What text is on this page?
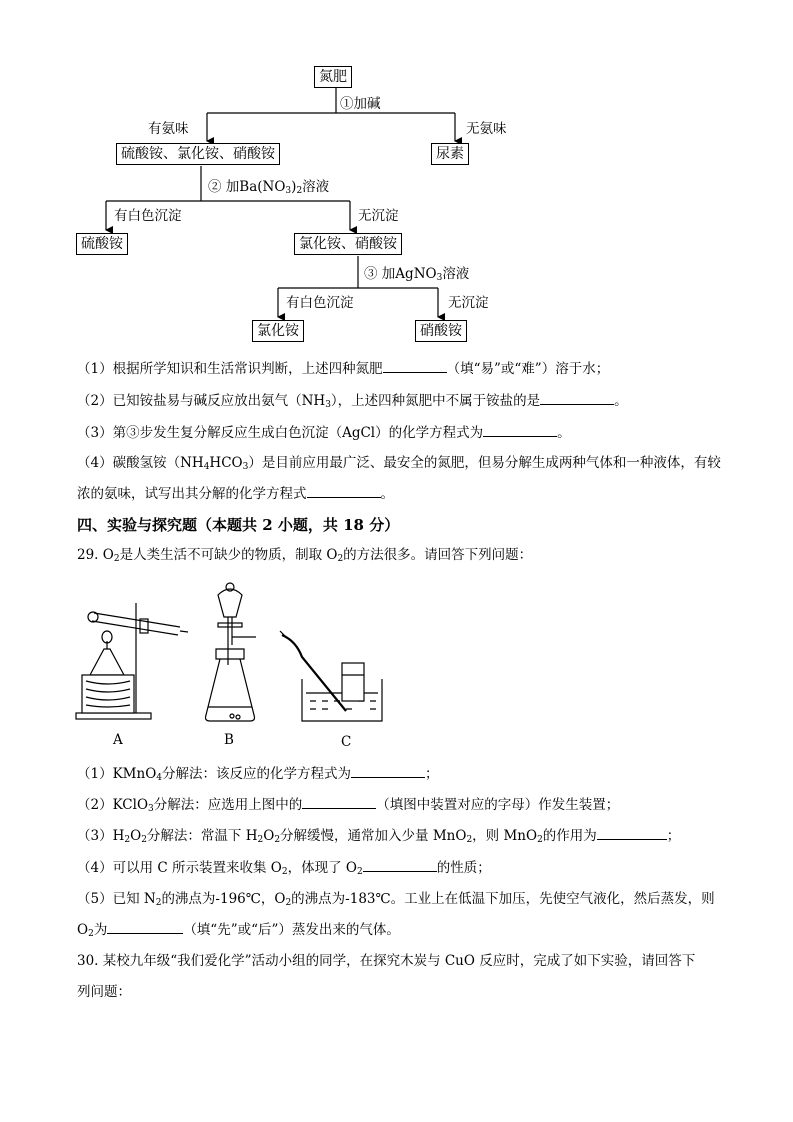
氮肥
①加碱
有氨味	无氨味
硫酸铵、氯化铵、硝酸铵	尿素
② 加$Ba(NO_3)_2$溶液
有白色沉淀	无沉淀
硫酸铵	氯化铵、硝酸铵
③ 加AgNO$_3$溶液
有白色沉淀	无沉淀
氯化铵	硝酸铵
（1）根据所学知识和生活常识判断，上述四种氮肥	（填“易”或“难”）溶于水；
（2）已知铵盐易与碱反应放出氨气$(NH_3)$，上述四种氮肥中不属于铵盐的是	。
（3）第③步发生复分解反应生成白色沉淀（AgCl）的化学方程式为	。
（4）碳酸氢铵$(NH_4HCO_3)$是目前应用最广泛、最安全的氮肥，但易分解生成两种气体和一种液体，有较
浓的氨味，试写出其分解的化学方程式	。
四、实验与探究题（本题共 2 小题，共 18 分）
29. $O_2$是人类生活不可缺少的物质，制取 $O_2$的方法很多。请回答下列问题：
A	B	C
（1）KMnO$_4$分解法：该反应的化学方程式为	；
（2）KClO$_3$分解法：应选用上图中的	（填图中装置对应的字母）作发生装置；
$(3)H_2O_2$分解法：常温下 $H_2O_2$分解缓慢，通常加入少量 MnO$_2$，则 MnO$_2$的作用为	；
（4）可以用 C 所示装置来收集 $O_2$，体现了 $O_2$	的性质；
（5）已知 $N_2$的沸点为-196℃，$O_2$的沸点为-183℃。工业上在低温下加压，先使空气液化，然后蒸发，则
$O_2$为	（填“先”或“后”）蒸发出来的气体。
30. 某校九年级“我们爱化学”活动小组的同学，在探究木炭与 CuO 反应时，完成了如下实验，请回答下
列问题：
